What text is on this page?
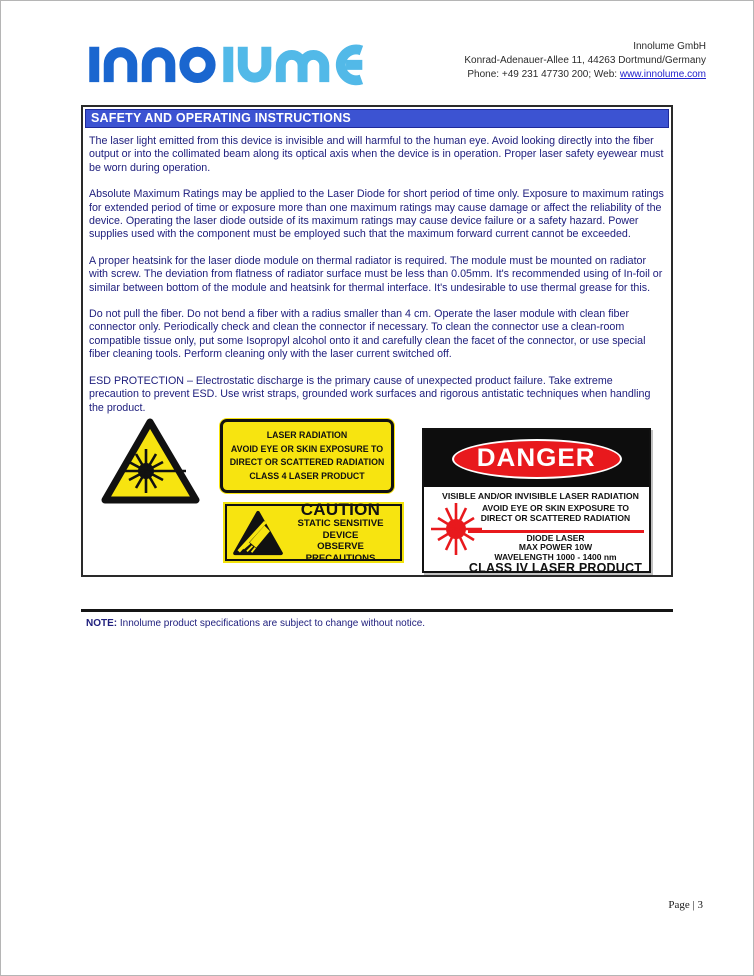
Innolume GmbH
Konrad-Adenauer-Allee 11, 44263 Dortmund/Germany
Phone: +49 231 47730 200; Web: www.innolume.com
SAFETY AND OPERATING INSTRUCTIONS

The laser light emitted from this device is invisible and will harmful to the human eye. Avoid looking directly into the fiber output or into the collimated beam along its optical axis when the device is in operation. Proper laser safety eyewear must be worn during operation.

Absolute Maximum Ratings may be applied to the Laser Diode for short period of time only. Exposure to maximum ratings for extended period of time or exposure more than one maximum ratings may cause damage or affect the reliability of the device. Operating the laser diode outside of its maximum ratings may cause device failure or a safety hazard. Power supplies used with the component must be employed such that the maximum forward current cannot be exceeded.

A proper heatsink for the laser diode module on thermal radiator is required. The module must be mounted on radiator with screw. The deviation from flatness of radiator surface must be less than 0.05mm. It's recommended using of In-foil or similar between bottom of the module and heatsink for thermal interface. It's undesirable to use thermal grease for this.

Do not pull the fiber. Do not bend a fiber with a radius smaller than 4 cm. Operate the laser module with clean fiber connector only. Periodically check and clean the connector if necessary. To clean the connector use a clean-room compatible tissue only, put some Isopropyl alcohol onto it and carefully clean the facet of the connector, or use special fiber cleaning tools. Perform cleaning only with the laser current switched off.

ESD PROTECTION – Electrostatic discharge is the primary cause of unexpected product failure. Take extreme precaution to prevent ESD. Use wrist straps, grounded work surfaces and rigorous antistatic techniques when handling the product.

LASER RADIATION
AVOID EYE OR SKIN EXPOSURE TO
DIRECT OR SCATTERED RADIATION
CLASS 4 LASER PRODUCT
CAUTION
STATIC SENSITIVE DEVICE
OBSERVE PRECAUTIONS
DANGER
VISIBLE AND/OR INVISIBLE LASER RADIATION
AVOID EYE OR SKIN EXPOSURE TO
DIRECT OR SCATTERED RADIATION
DIODE LASER
MAX POWER 10W
WAVELENGTH 1000 - 1400 nm
CLASS IV LASER PRODUCT
NOTE: Innolume product specifications are subject to change without notice.
Page | 3
